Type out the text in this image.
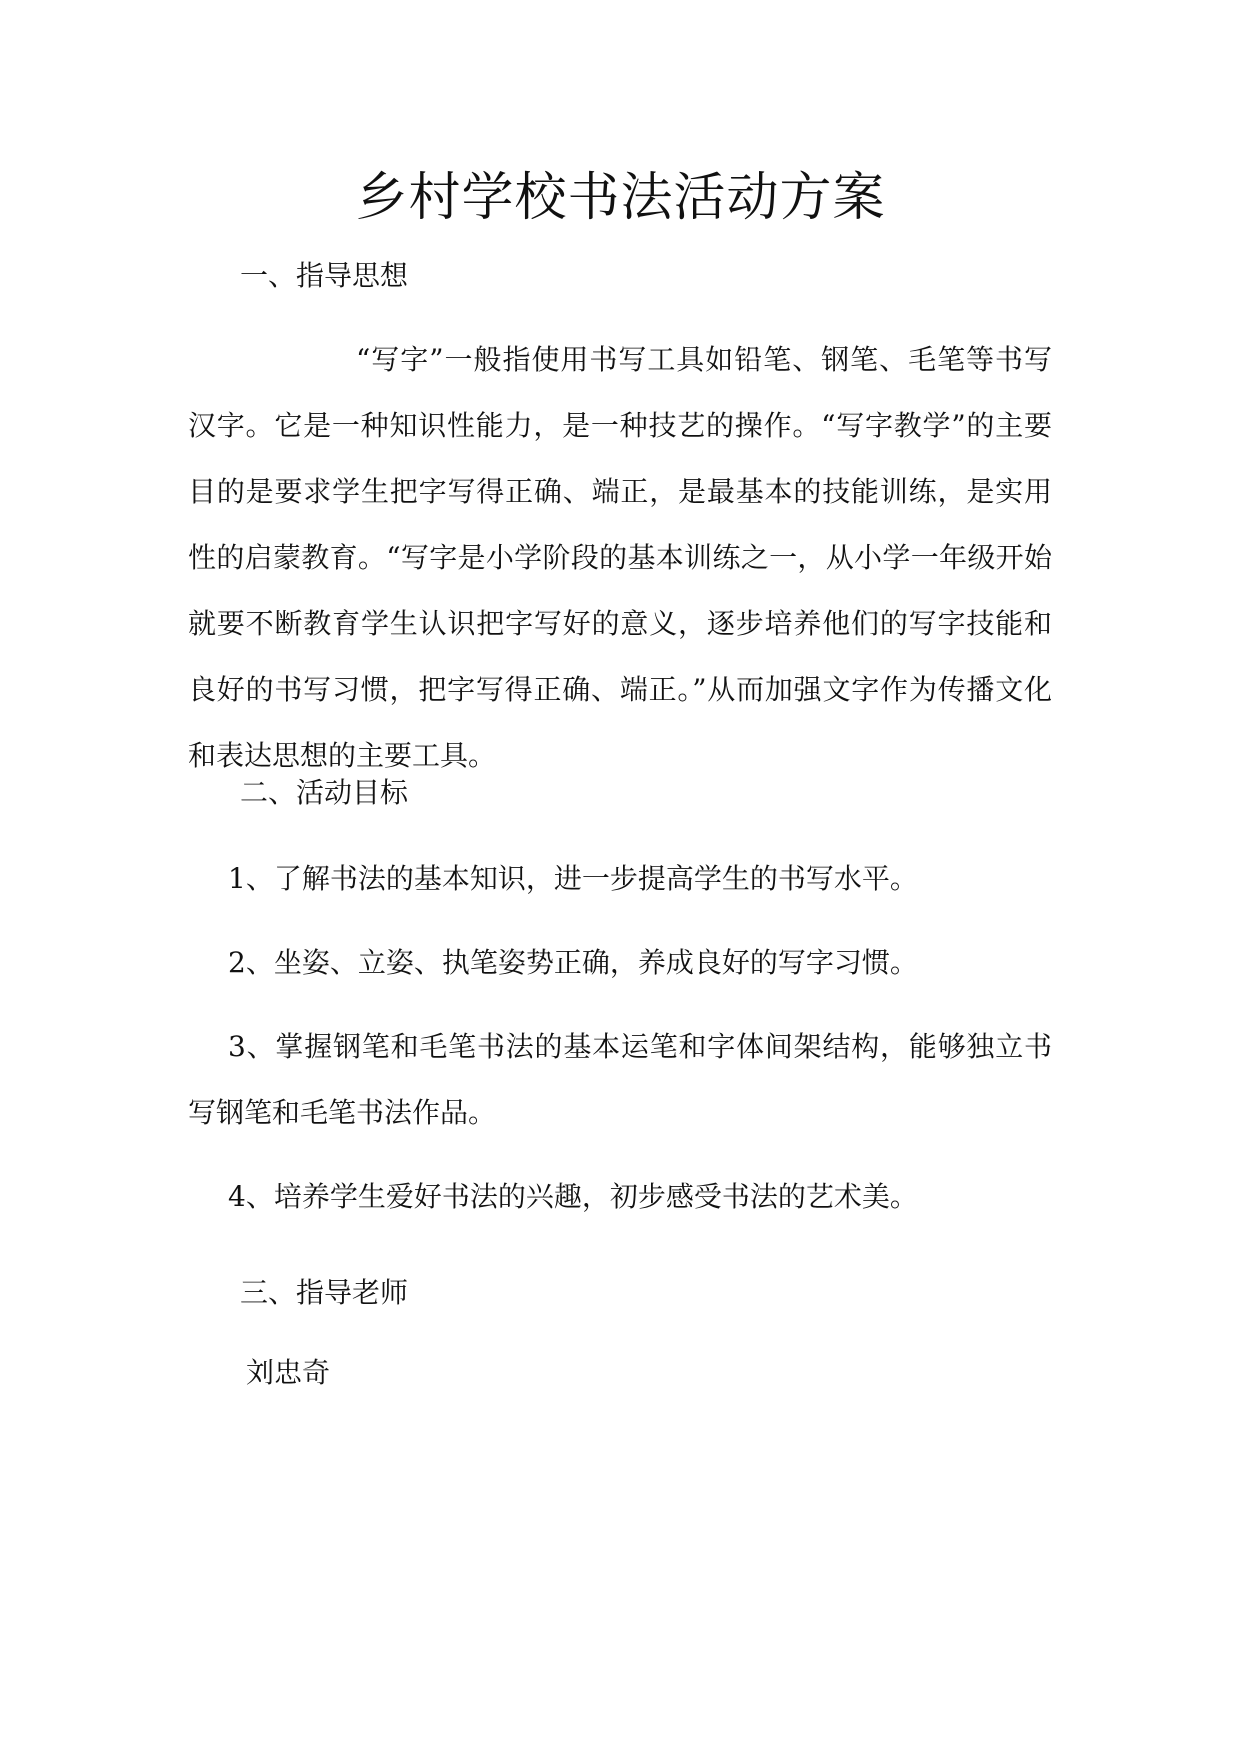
乡村学校书法活动方案

一、指导思想

“写字”一般指使用书写工具如铅笔、钢笔、毛笔等书写汉字。它是一种知识性能力，是一种技艺的操作。“写字教学”的主要目的是要求学生把字写得正确、端正，是最基本的技能训练，是实用性的启蒙教育。“写字是小学阶段的基本训练之一，从小学一年级开始就要不断教育学生认识把字写好的意义，逐步培养他们的写字技能和良好的书写习惯，把字写得正确、端正。”从而加强文字作为传播文化和表达思想的主要工具。

二、活动目标

1、了解书法的基本知识，进一步提高学生的书写水平。

2、坐姿、立姿、执笔姿势正确，养成良好的写字习惯。

3、掌握钢笔和毛笔书法的基本运笔和字体间架结构，能够独立书写钢笔和毛笔书法作品。

4、培养学生爱好书法的兴趣，初步感受书法的艺术美。

三、指导老师

刘忠奇
